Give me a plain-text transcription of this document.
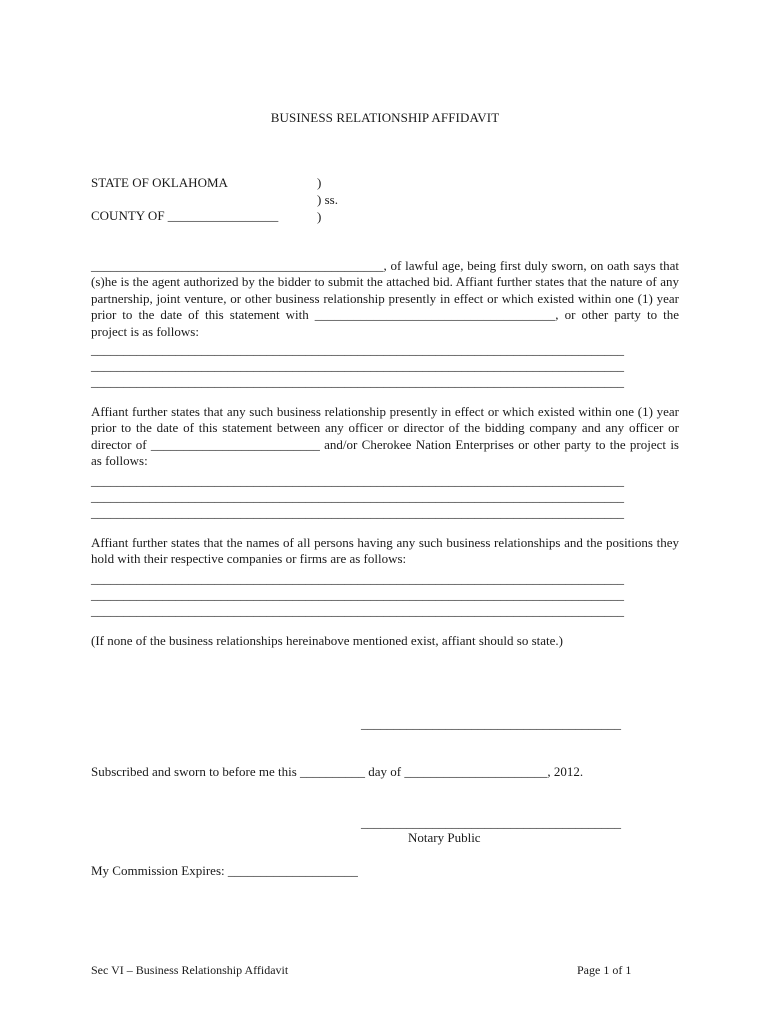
BUSINESS RELATIONSHIP AFFIDAVIT
STATE OF OKLAHOMA
COUNTY OF _________________
)
) ss.
)
_____________________________________________, of lawful age, being first duly sworn, on oath says that (s)he is the agent authorized by the bidder to submit the attached bid. Affiant further states that the nature of any partnership, joint venture, or other business relationship presently in effect or which existed within one (1) year prior to the date of this statement with _____________________________________, or other party to the project is as follows:
__________________________________________________________________________________
__________________________________________________________________________________
__________________________________________________________________________________
Affiant further states that any such business relationship presently in effect or which existed within one (1) year prior to the date of this statement between any officer or director of the bidding company and any officer or director of __________________________ and/or Cherokee Nation Enterprises or other party to the project is as follows:
__________________________________________________________________________________
__________________________________________________________________________________
__________________________________________________________________________________
Affiant further states that the names of all persons having any such business relationships and the positions they hold with their respective companies or firms are as follows:
__________________________________________________________________________________
__________________________________________________________________________________
__________________________________________________________________________________
(If none of the business relationships hereinabove mentioned exist, affiant should so state.)
________________________________________
Subscribed and sworn to before me this __________ day of ______________________, 2012.
________________________________________
Notary Public
My Commission Expires: ____________________
Sec VI – Business Relationship Affidavit	Page 1 of 1
